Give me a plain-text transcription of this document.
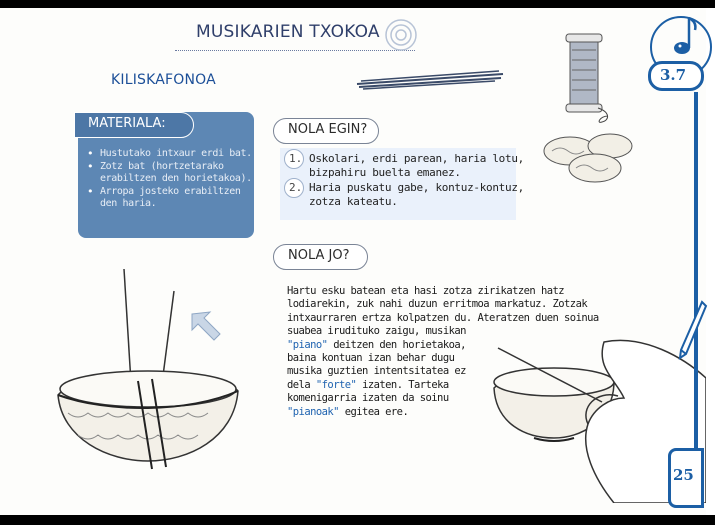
MUSIKARIEN TXOKOA
KILISKAFONOA
MATERIALA:
• Hustutako intxaur erdi bat.
• Zotz bat (hortzetarako erabiltzen den horietakoa).
• Arropa josteko erabiltzen den haria.
NOLA EGIN?
1. Oskolari, erdi parean, haria lotu,
bizpahiru buelta emanez.
2. Haria puskatu gabe, kontuz-kontuz,
zotza kateatu.
NOLA JO?
Hartu esku batean eta hasi zotza zirikatzen hatz
lodiarekin, zuk nahi duzun erritmoa markatuz. Zotzak
intxaurraren ertza kolpatzen du. Ateratzen duen soinua
suabea irudituko zaigu, musikan
"piano" deitzen den horietakoa,
baina kontuan izan behar dugu
musika guztien intentsitatea ez
dela "forte" izaten. Tarteka
komenigarria izaten da soinu
"pianoak" egitea ere.
3.7
25
